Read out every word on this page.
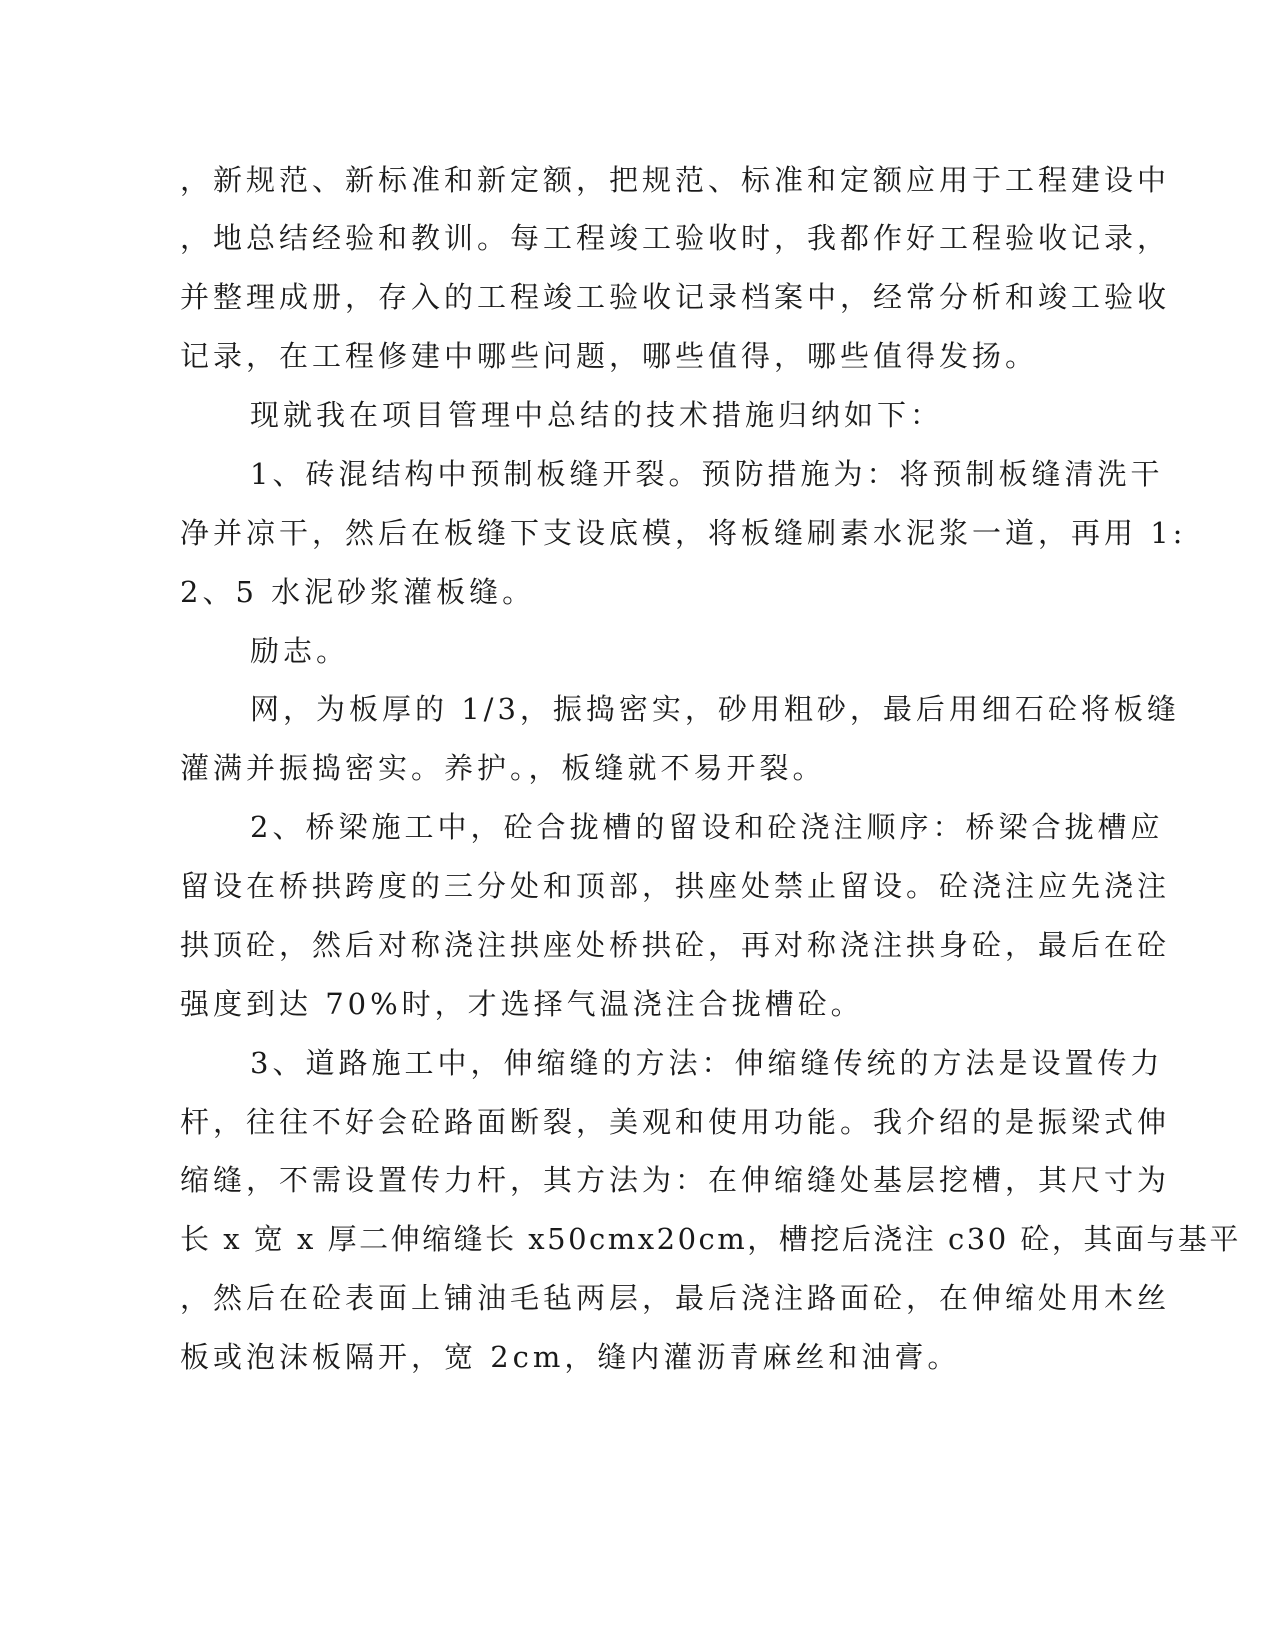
，新规范、新标准和新定额，把规范、标准和定额应用于工程建设中

，地总结经验和教训。每工程竣工验收时，我都作好工程验收记录，

并整理成册，存入的工程竣工验收记录档案中，经常分析和竣工验收

记录，在工程修建中哪些问题，哪些值得，哪些值得发扬。

现就我在项目管理中总结的技术措施归纳如下：

1、砖混结构中预制板缝开裂。预防措施为：将预制板缝清洗干

净并凉干，然后在板缝下支设底模，将板缝刷素水泥浆一道，再用 1:

2、5 水泥砂浆灌板缝。

励志。

网，为板厚的 1/3，振捣密实，砂用粗砂，最后用细石砼将板缝

灌满并振捣密实。养护。，板缝就不易开裂。

2、桥梁施工中，砼合拢槽的留设和砼浇注顺序：桥梁合拢槽应

留设在桥拱跨度的三分处和顶部，拱座处禁止留设。砼浇注应先浇注

拱顶砼，然后对称浇注拱座处桥拱砼，再对称浇注拱身砼，最后在砼

强度到达 70%时，才选择气温浇注合拢槽砼。

3、道路施工中，伸缩缝的方法：伸缩缝传统的方法是设置传力

杆，往往不好会砼路面断裂，美观和使用功能。我介绍的是振梁式伸

缩缝，不需设置传力杆，其方法为：在伸缩缝处基层挖槽，其尺寸为

长 x 宽 x 厚二伸缩缝长 x50cmx20cm，槽挖后浇注 c30 砼，其面与基平

，然后在砼表面上铺油毛毡两层，最后浇注路面砼，在伸缩处用木丝

板或泡沫板隔开，宽 2cm，缝内灌沥青麻丝和油膏。
